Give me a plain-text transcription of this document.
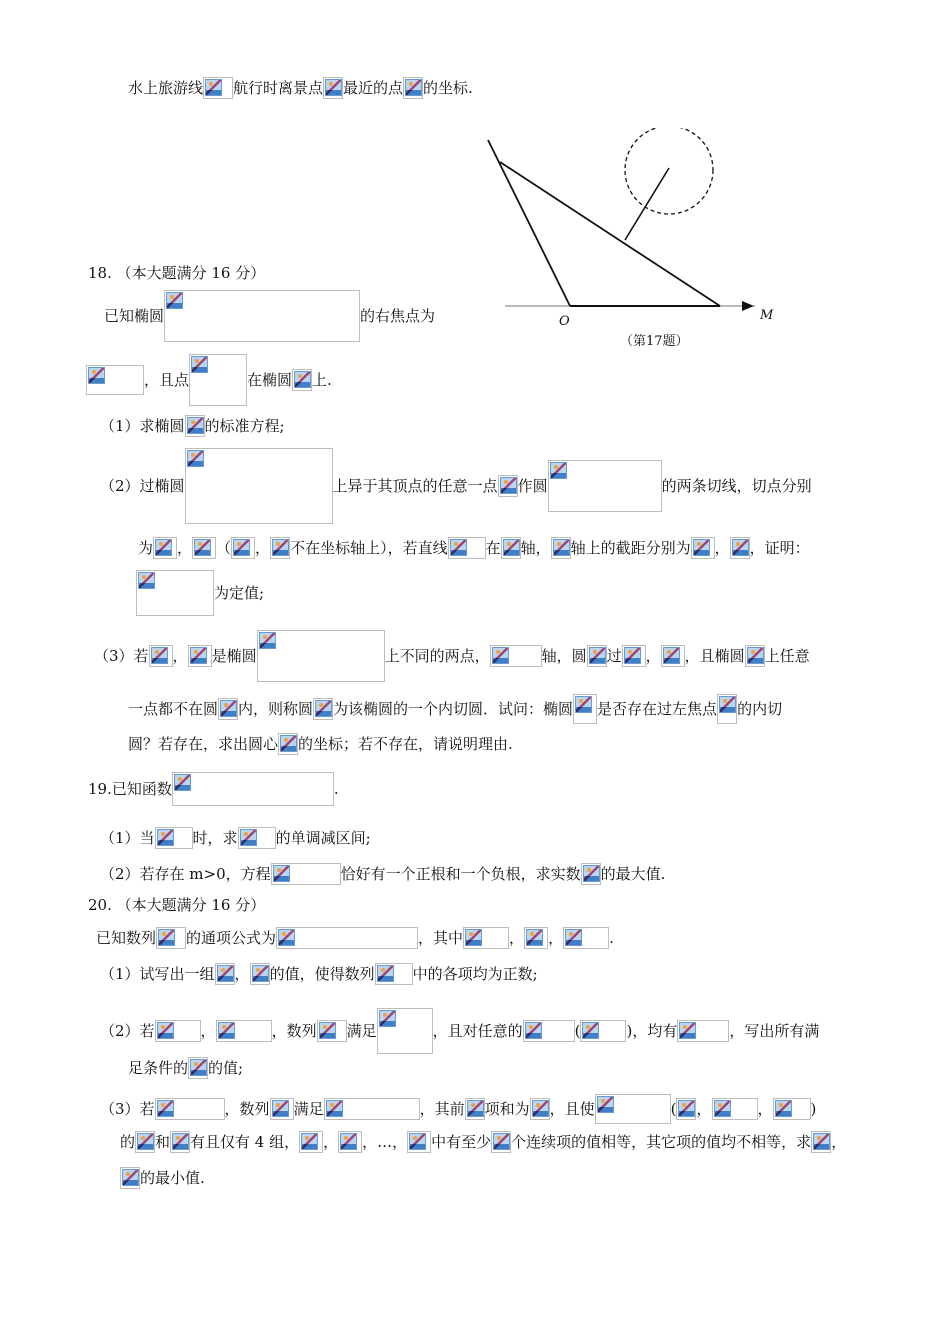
水上旅游线 航行时离景点 最近的点 的坐标.
O	M
（第17题）
18. （本大题满分 16 分）
已知椭圆	的右焦点为
，且点	在椭圆 上.
（1）求椭圆 的标准方程;
（2）过椭圆	上异于其顶点的任意一点 作圆	的两条切线，切点分别
为 ， （ ， 不在坐标轴上），若直线	在 轴， 轴上的截距分别为 ， ，证明：
为定值;
（3）若 ， 是椭圆	上不同的两点，	轴，圆 过 ， ，且椭圆 上任意
一点都不在圆 内，则称圆 为该椭圆的一个内切圆．试问：椭圆 是否存在过左焦点 的内切
圆？若存在，求出圆心 的坐标；若不存在，请说明理由.
19.已知函数	.
（1）当	时，求	的单调减区间;
（2）若存在 m>0，方程	恰好有一个正根和一个负根，求实数 的最大值.
20. （本大题满分 16 分）
已知数列 的通项公式为	，其中	， ，	.
（1）试写出一组 ， 的值，使得数列	中的各项均为正数;
（2）若	，	，数列 满足	，且对任意的	(	)，均有	，写出所有满
足条件的 的值;
（3）若	，数列 满足	，其前 项和为 ，且使	( ，	，	)
的 和 有且仅有 4 组， ， ，…， 中有至少 个连续项的值相等，其它项的值均不相等，求 ，
的最小值.
